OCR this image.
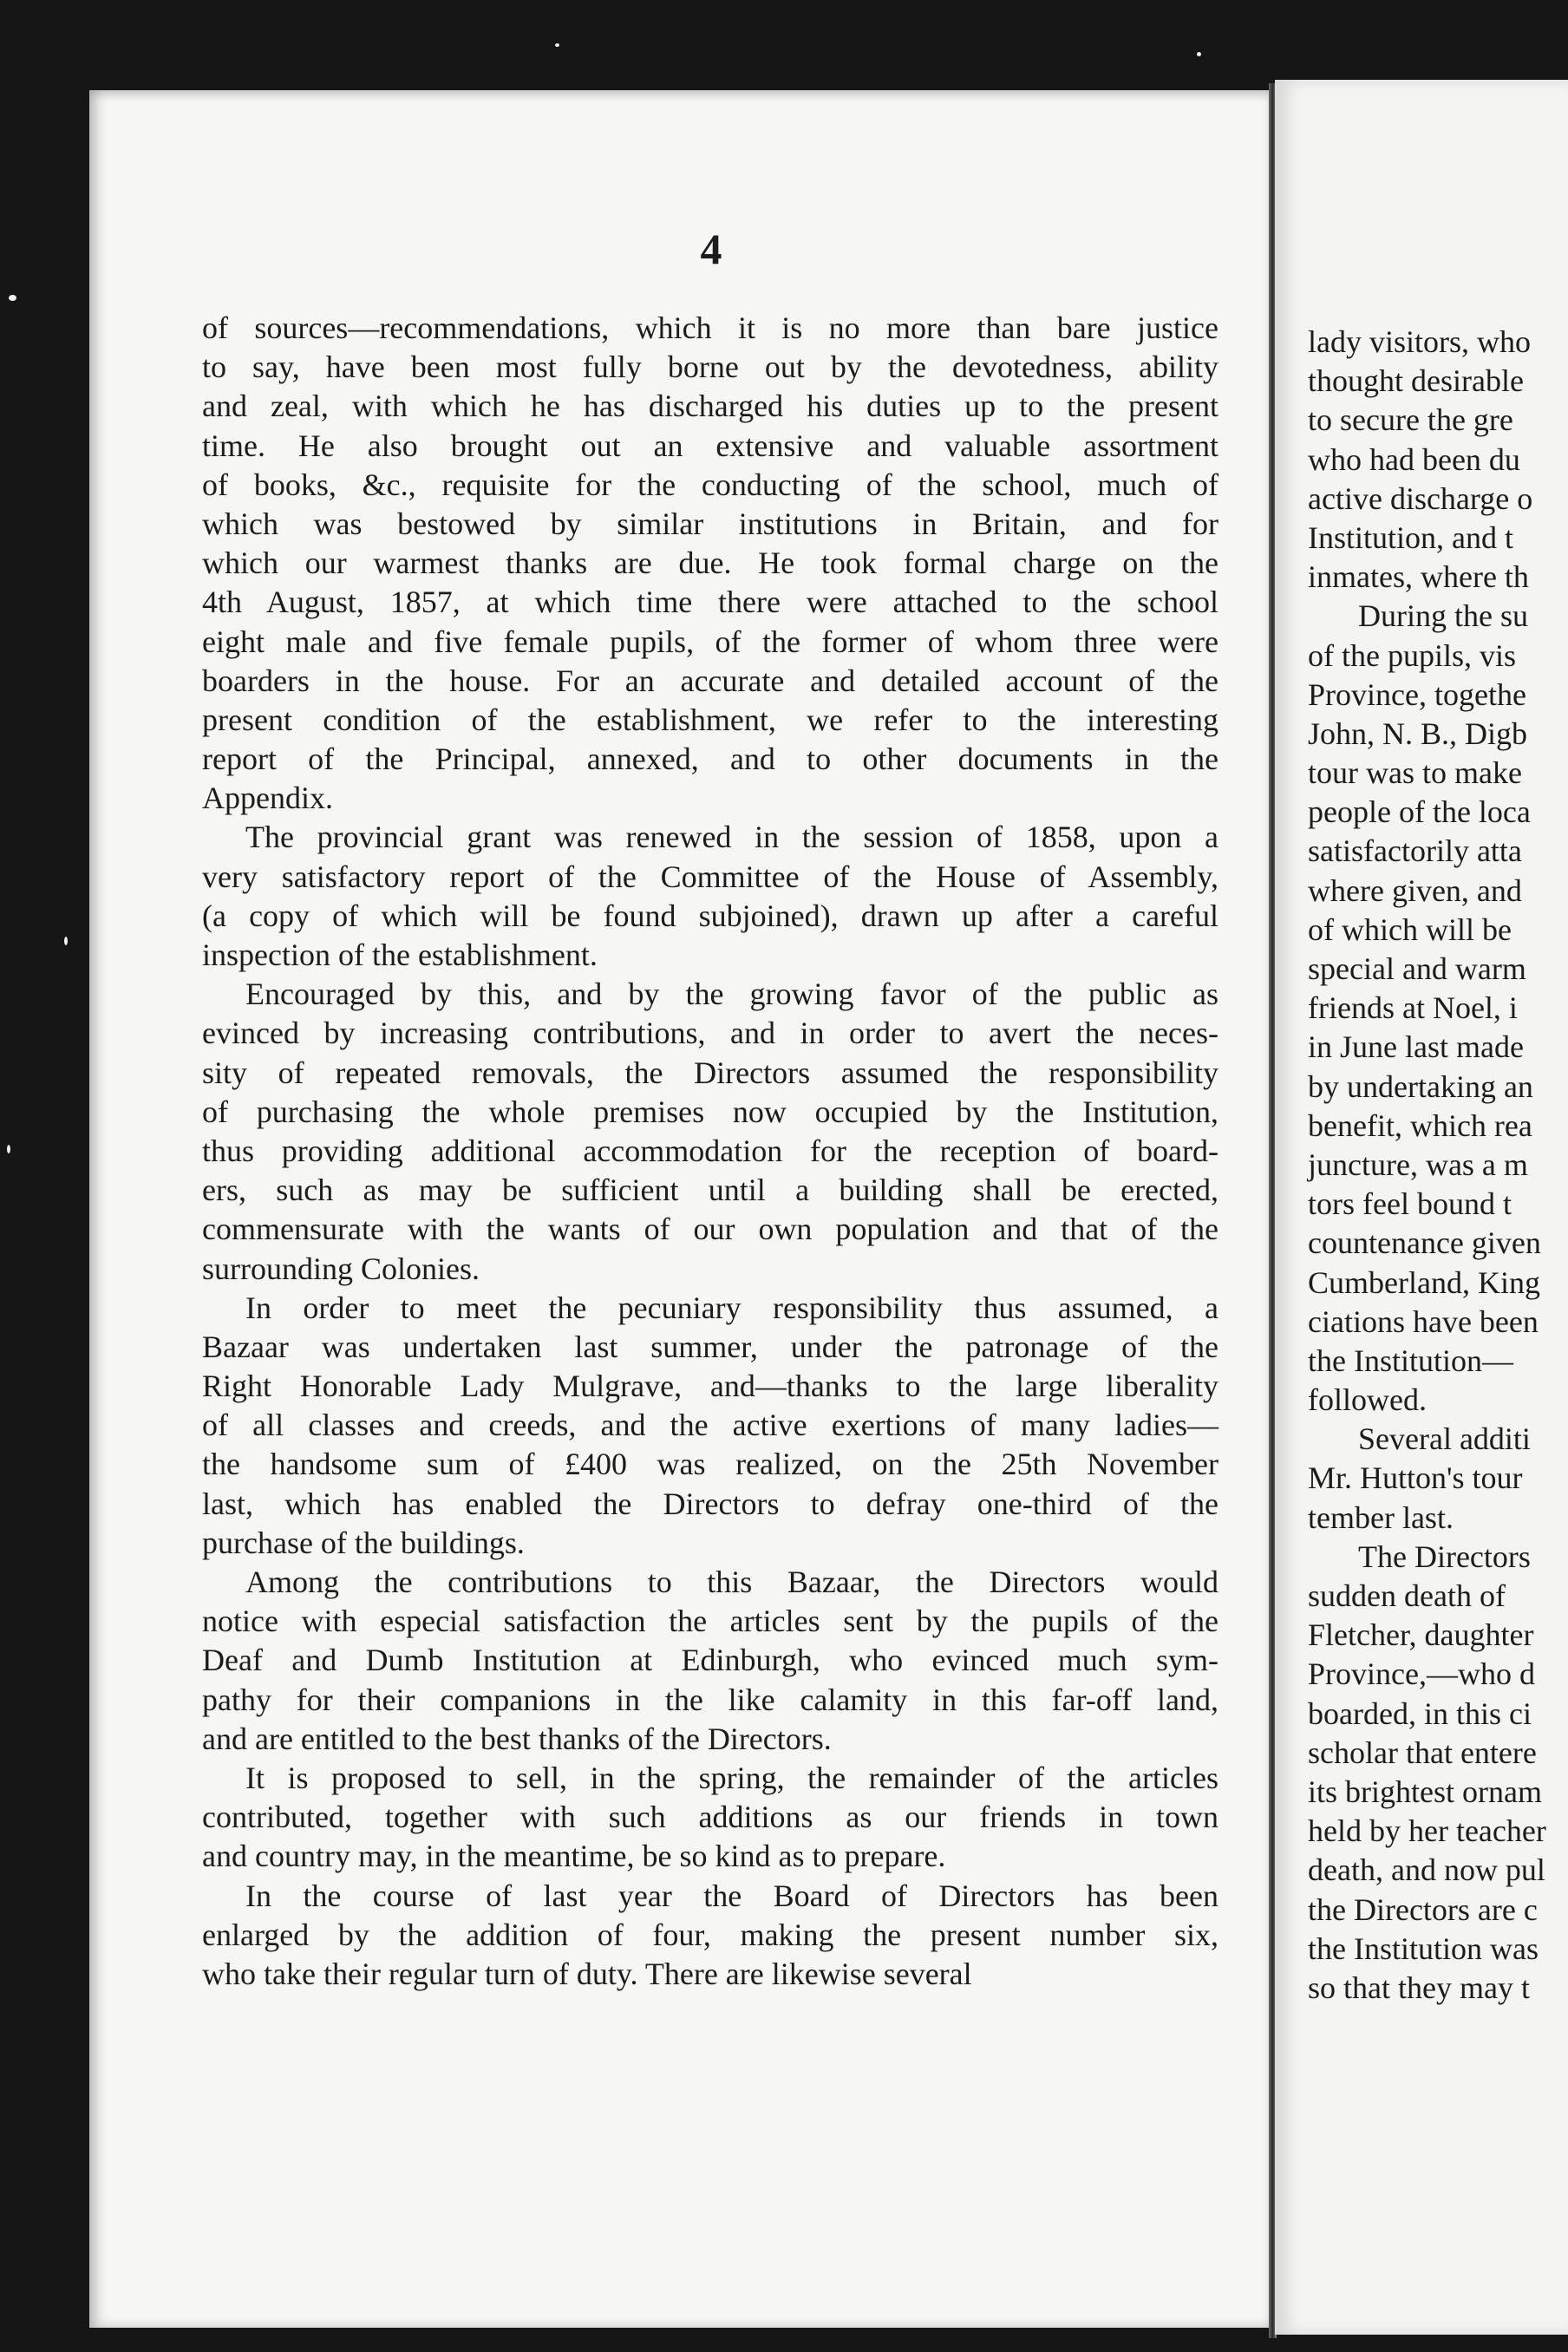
4
of sources—recommendations, which it is no more than bare justice
to say, have been most fully borne out by the devotedness, ability
and zeal, with which he has discharged his duties up to the present
time. He also brought out an extensive and valuable assortment
of books, &c., requisite for the conducting of the school, much of
which was bestowed by similar institutions in Britain, and for
which our warmest thanks are due. He took formal charge on the
4th August, 1857, at which time there were attached to the school
eight male and five female pupils, of the former of whom three were
boarders in the house. For an accurate and detailed account of the
present condition of the establishment, we refer to the interesting
report of the Principal, annexed, and to other documents in the
Appendix.
The provincial grant was renewed in the session of 1858, upon a
very satisfactory report of the Committee of the House of Assembly,
(a copy of which will be found subjoined), drawn up after a careful
inspection of the establishment.
Encouraged by this, and by the growing favor of the public as
evinced by increasing contributions, and in order to avert the neces-
sity of repeated removals, the Directors assumed the responsibility
of purchasing the whole premises now occupied by the Institution,
thus providing additional accommodation for the reception of board-
ers, such as may be sufficient until a building shall be erected,
commensurate with the wants of our own population and that of the
surrounding Colonies.
In order to meet the pecuniary responsibility thus assumed, a
Bazaar was undertaken last summer, under the patronage of the
Right Honorable Lady Mulgrave, and—thanks to the large liberality
of all classes and creeds, and the active exertions of many ladies—
the handsome sum of £400 was realized, on the 25th November
last, which has enabled the Directors to defray one-third of the
purchase of the buildings.
Among the contributions to this Bazaar, the Directors would
notice with especial satisfaction the articles sent by the pupils of the
Deaf and Dumb Institution at Edinburgh, who evinced much sym-
pathy for their companions in the like calamity in this far-off land,
and are entitled to the best thanks of the Directors.
It is proposed to sell, in the spring, the remainder of the articles
contributed, together with such additions as our friends in town
and country may, in the meantime, be so kind as to prepare.
In the course of last year the Board of Directors has been
enlarged by the addition of four, making the present number six,
who take their regular turn of duty. There are likewise several
lady visitors, who
thought desirable
to secure the gre
who had been du
active discharge o
Institution, and t
inmates, where th
During the su
of the pupils, vis
Province, togethe
John, N. B., Digb
tour was to make
people of the loca
satisfactorily atta
where given, and
of which will be
special and warm
friends at Noel, i
in June last made
by undertaking an
benefit, which rea
juncture, was a m
tors feel bound t
countenance given
Cumberland, King
ciations have been
the Institution—
followed.
Several additi
Mr. Hutton's tour
tember last.
The Directors
sudden death of
Fletcher, daughter
Province,—who d
boarded, in this ci
scholar that entere
its brightest ornam
held by her teacher
death, and now pul
the Directors are c
the Institution was
so that they may t
